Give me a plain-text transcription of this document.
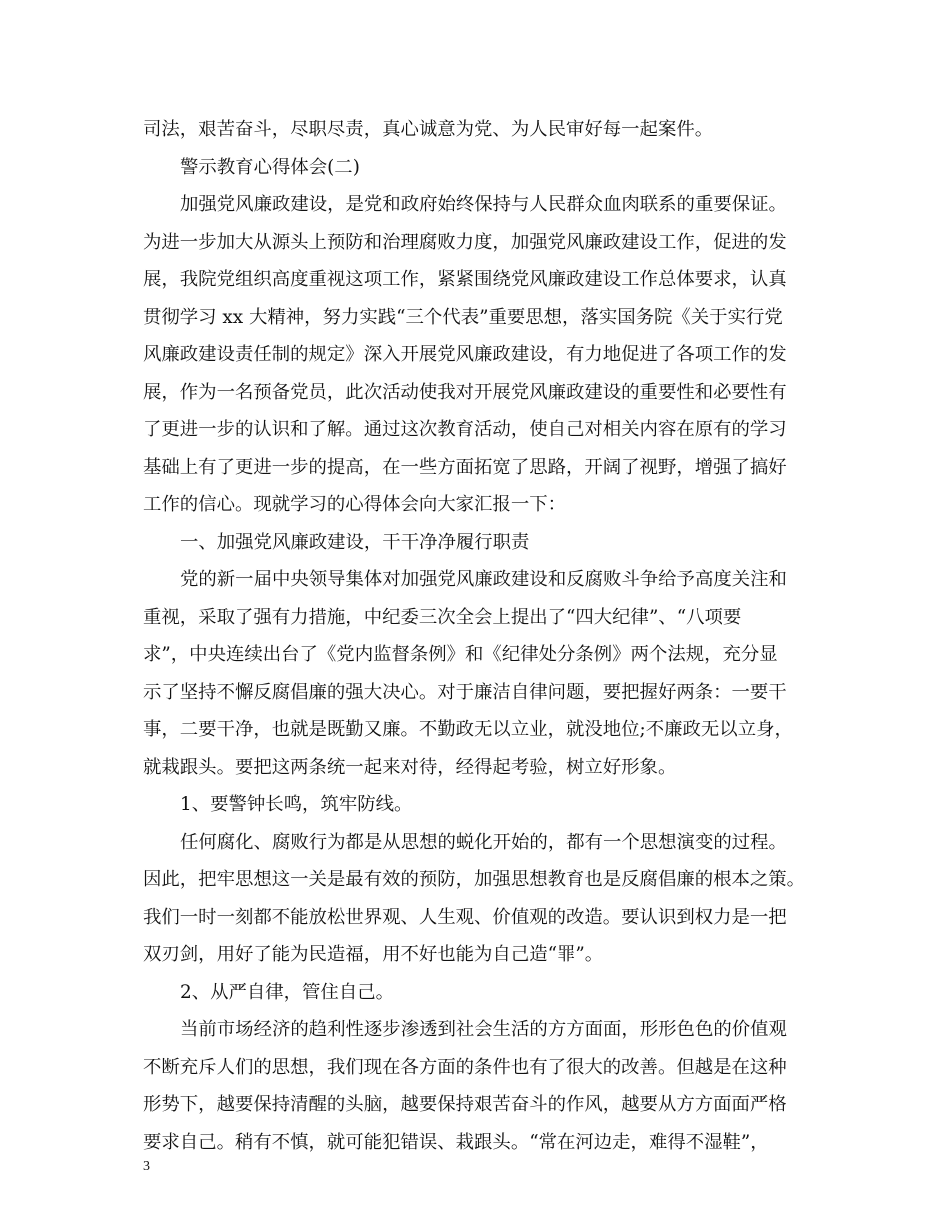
司法，艰苦奋斗，尽职尽责，真心诚意为党、为人民审好每一起案件。
警示教育心得体会(二)
加强党风廉政建设，是党和政府始终保持与人民群众血肉联系的重要保证。
为进一步加大从源头上预防和治理腐败力度，加强党风廉政建设工作，促进的发
展，我院党组织高度重视这项工作，紧紧围绕党风廉政建设工作总体要求，认真
贯彻学习 xx 大精神，努力实践“三个代表”重要思想，落实国务院《关于实行党
风廉政建设责任制的规定》深入开展党风廉政建设，有力地促进了各项工作的发
展，作为一名预备党员，此次活动使我对开展党风廉政建设的重要性和必要性有
了更进一步的认识和了解。通过这次教育活动，使自己对相关内容在原有的学习
基础上有了更进一步的提高，在一些方面拓宽了思路，开阔了视野，增强了搞好
工作的信心。现就学习的心得体会向大家汇报一下：
一、加强党风廉政建设，干干净净履行职责
党的新一届中央领导集体对加强党风廉政建设和反腐败斗争给予高度关注和
重视，采取了强有力措施，中纪委三次全会上提出了“四大纪律”、“八项要
求”，中央连续出台了《党内监督条例》和《纪律处分条例》两个法规，充分显
示了坚持不懈反腐倡廉的强大决心。对于廉洁自律问题，要把握好两条：一要干
事，二要干净，也就是既勤又廉。不勤政无以立业，就没地位;不廉政无以立身，
就栽跟头。要把这两条统一起来对待，经得起考验，树立好形象。
1、要警钟长鸣，筑牢防线。
任何腐化、腐败行为都是从思想的蜕化开始的，都有一个思想演变的过程。
因此，把牢思想这一关是最有效的预防，加强思想教育也是反腐倡廉的根本之策。
我们一时一刻都不能放松世界观、人生观、价值观的改造。要认识到权力是一把
双刃剑，用好了能为民造福，用不好也能为自己造“罪”。
2、从严自律，管住自己。
当前市场经济的趋利性逐步渗透到社会生活的方方面面，形形色色的价值观
不断充斥人们的思想，我们现在各方面的条件也有了很大的改善。但越是在这种
形势下，越要保持清醒的头脑，越要保持艰苦奋斗的作风，越要从方方面面严格
要求自己。稍有不慎，就可能犯错误、栽跟头。“常在河边走，难得不湿鞋”，
3
